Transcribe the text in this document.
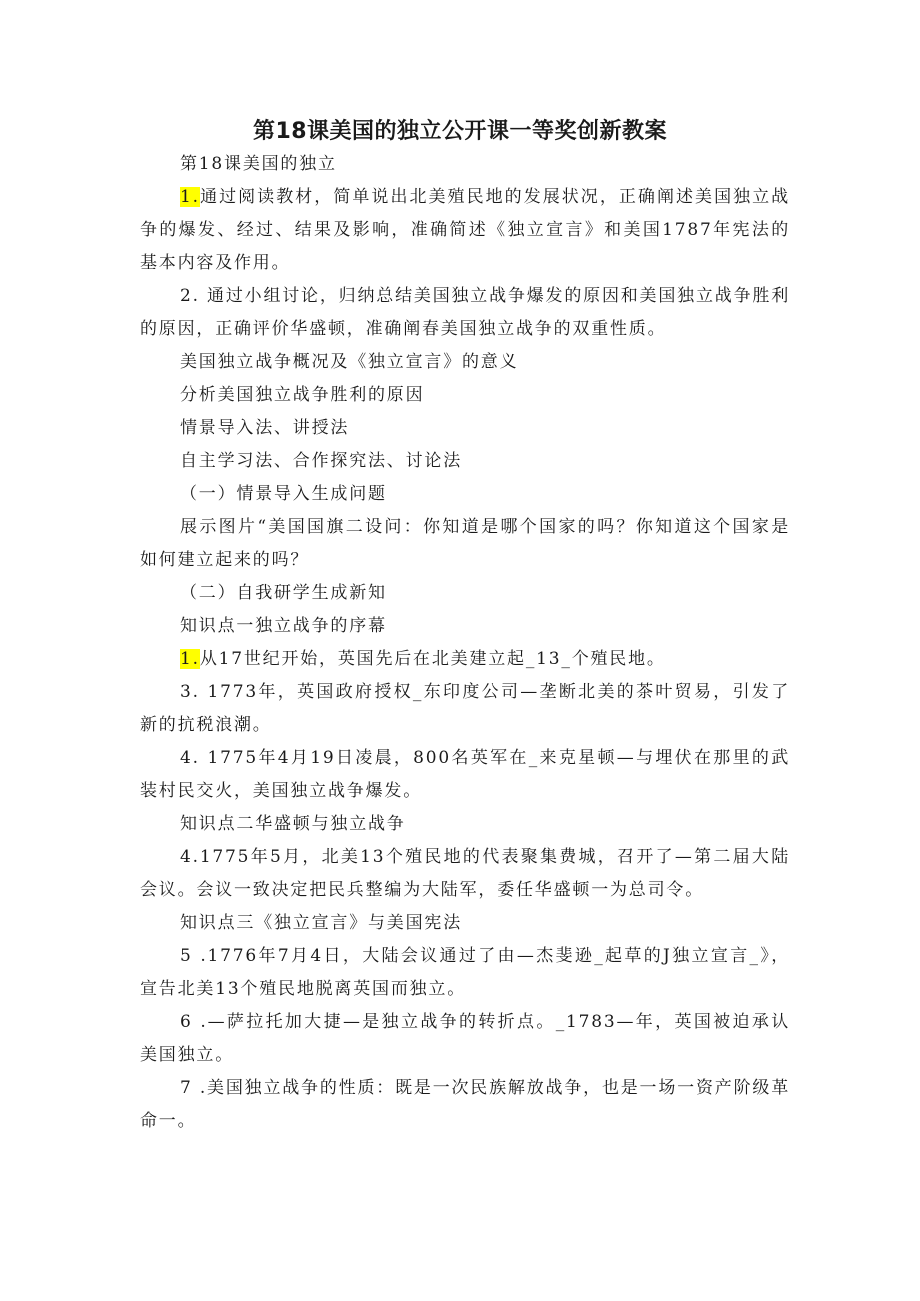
第18课美国的独立公开课一等奖创新教案

第18课美国的独立

1.通过阅读教材，简单说出北美殖民地的发展状况，正确阐述美国独立战争的爆发、经过、结果及影响，准确简述《独立宣言》和美国1787年宪法的基本内容及作用。

2. 通过小组讨论，归纳总结美国独立战争爆发的原因和美国独立战争胜利的原因，正确评价华盛顿，准确阐春美国独立战争的双重性质。

美国独立战争概况及《独立宣言》的意义

分析美国独立战争胜利的原因

情景导入法、讲授法

自主学习法、合作探究法、讨论法

（一）情景导入生成问题

展示图片“美国国旗二设问：你知道是哪个国家的吗？你知道这个国家是如何建立起来的吗？

（二）自我研学生成新知

知识点一独立战争的序幕

1.从17世纪开始，英国先后在北美建立起_13_个殖民地。

3. 1773年，英国政府授权_东印度公司—垄断北美的茶叶贸易，引发了新的抗税浪潮。

4. 1775年4月19日凌晨，800名英军在_来克星顿—与埋伏在那里的武装村民交火，美国独立战争爆发。

知识点二华盛顿与独立战争

4.1775年5月，北美13个殖民地的代表聚集费城，召开了—第二届大陆会议。会议一致决定把民兵整编为大陆军，委任华盛顿一为总司令。

知识点三《独立宣言》与美国宪法

5 .1776年7月4日，大陆会议通过了由—杰斐逊_起草的J独立宣言_》，宣告北美13个殖民地脱离英国而独立。

6 .—萨拉托加大捷—是独立战争的转折点。_1783—年，英国被迫承认美国独立。

7 .美国独立战争的性质：既是一次民族解放战争，也是一场一资产阶级革命一。
